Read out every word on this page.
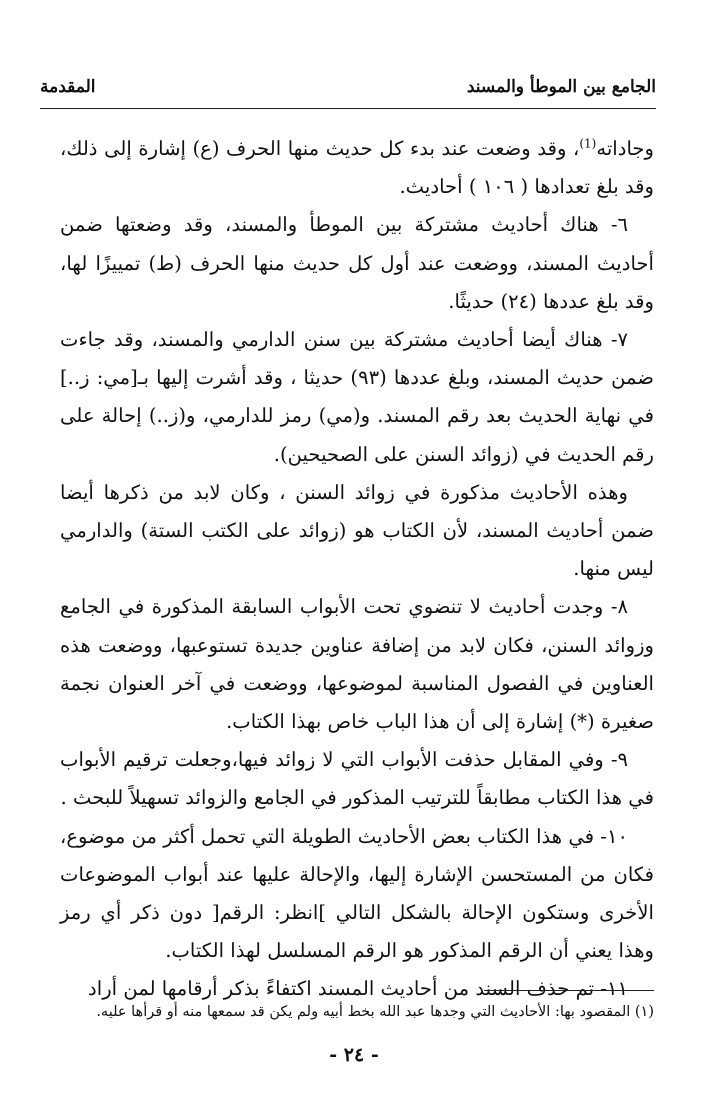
الجامع بين الموطأ والمسند
المقدمة

وجاداته$^{(1)}$، وقد وضعت عند بدء كل حديث منها الحرف (ع) إشارة إلى ذلك، وقد بلغ تعدادها ( ١٠٦ ) أحاديث.

٦- هناك أحاديث مشتركة بين الموطأ والمسند، وقد وضعتها ضمن أحاديث المسند، ووضعت عند أول كل حديث منها الحرف (ط) تمييزًا لها، وقد بلغ عددها (٢٤) حديثًا.

٧- هناك أيضا أحاديث مشتركة بين سنن الدارمي والمسند، وقد جاءت ضمن حديث المسند، وبلغ عددها (٩٣) حديثا ، وقد أشرت إليها بـ[مي: ز..] في نهاية الحديث بعد رقم المسند. و(مي) رمز للدارمي، و(ز..) إحالة على رقم الحديث في (زوائد السنن على الصحيحين).

وهذه الأحاديث مذكورة في زوائد السنن ، وكان لابد من ذكرها أيضا ضمن أحاديث المسند، لأن الكتاب هو (زوائد على الكتب الستة) والدارمي ليس منها.

٨- وجدت أحاديث لا تنضوي تحت الأبواب السابقة المذكورة في الجامع وزوائد السنن، فكان لابد من إضافة عناوين جديدة تستوعبها، ووضعت هذه العناوين في الفصول المناسبة لموضوعها، ووضعت في آخر العنوان نجمة صغيرة (*) إشارة إلى أن هذا الباب خاص بهذا الكتاب.

٩- وفي المقابل حذفت الأبواب التي لا زوائد فيها،وجعلت ترقيم الأبواب في هذا الكتاب مطابقاً للترتيب المذكور في الجامع والزوائد تسهيلاً للبحث .

١٠- في هذا الكتاب بعض الأحاديث الطويلة التي تحمل أكثر من موضوع، فكان من المستحسن الإشارة إليها، والإحالة عليها عند أبواب الموضوعات الأخرى وستكون الإحالة بالشكل التالي ]انظر: الرقم[ دون ذكر أي رمز وهذا يعني أن الرقم المذكور هو الرقم المسلسل لهذا الكتاب.

١١- تم حذف السند من أحاديث المسند اكتفاءً بذكر أرقامها لمن أراد

(١) المقصود بها: الأحاديث التي وجدها عبد الله بخط أبيه ولم يكن قد سمعها منه أو قرأها عليه.
- ٢٤ -
